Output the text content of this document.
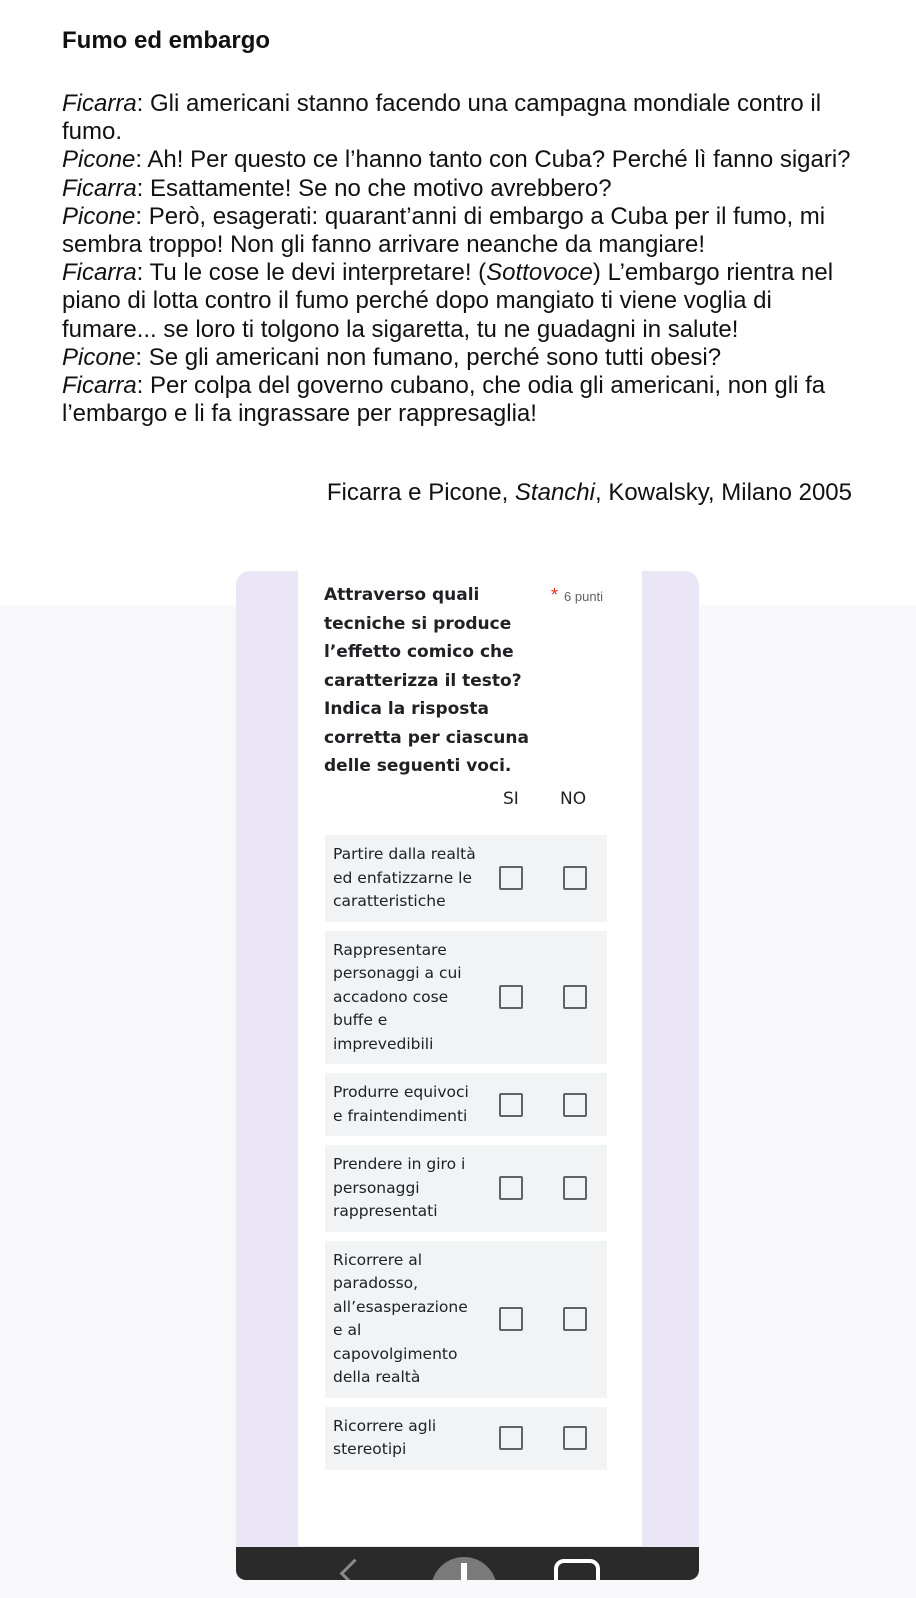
Fumo ed embargo
Ficarra: Gli americani stanno facendo una campagna mondiale contro il fumo.
Picone: Ah! Per questo ce l’hanno tanto con Cuba? Perché lì fanno sigari?
Ficarra: Esattamente! Se no che motivo avrebbero?
Picone: Però, esagerati: quarant’anni di embargo a Cuba per il fumo, mi sembra troppo! Non gli fanno arrivare neanche da mangiare!
Ficarra: Tu le cose le devi interpretare! (Sottovoce) L’embargo rientra nel piano di lotta contro il fumo perché dopo mangiato ti viene voglia di fumare... se loro ti tolgono la sigaretta, tu ne guadagni in salute!
Picone: Se gli americani non fumano, perché sono tutti obesi?
Ficarra: Per colpa del governo cubano, che odia gli americani, non gli fa l’embargo e li fa ingrassare per rappresaglia!
Ficarra e Picone, Stanchi, Kowalsky, Milano 2005
Attraverso quali tecniche si produce l’effetto comico che caratterizza il testo? Indica la risposta corretta per ciascuna delle seguenti voci.
* 6 punti
SI NO
Partire dalla realtà ed enfatizzarne le caratteristiche
Rappresentare personaggi a cui accadono cose buffe e imprevedibili
Produrre equivoci e fraintendimenti
Prendere in giro i personaggi rappresentati
Ricorrere al paradosso, all’esasperazione e al capovolgimento della realtà
Ricorrere agli stereotipi
